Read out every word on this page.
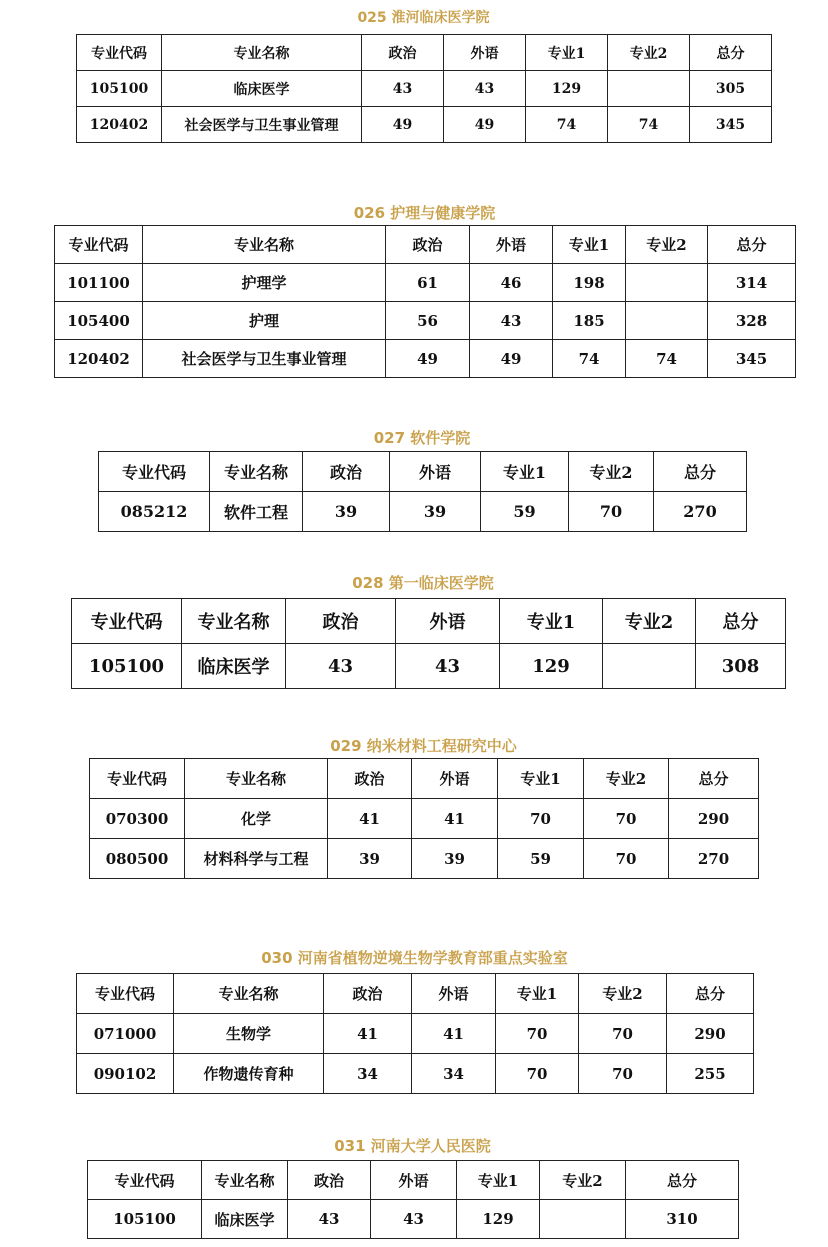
025 淮河临床医学院
专业代码	专业名称	政治	外语	专业1	专业2	总分
105100	临床医学	43	43	129		305
120402	社会医学与卫生事业管理	49	49	74	74	345
026 护理与健康学院
专业代码	专业名称	政治	外语	专业1	专业2	总分
101100	护理学	61	46	198		314
105400	护理	56	43	185		328
120402	社会医学与卫生事业管理	49	49	74	74	345
027 软件学院
专业代码	专业名称	政治	外语	专业1	专业2	总分
085212	软件工程	39	39	59	70	270
028 第一临床医学院
专业代码	专业名称	政治	外语	专业1	专业2	总分
105100	临床医学	43	43	129		308
029 纳米材料工程研究中心
专业代码	专业名称	政治	外语	专业1	专业2	总分
070300	化学	41	41	70	70	290
080500	材料科学与工程	39	39	59	70	270
030 河南省植物逆境生物学教育部重点实验室
专业代码	专业名称	政治	外语	专业1	专业2	总分
071000	生物学	41	41	70	70	290
090102	作物遗传育种	34	34	70	70	255
031 河南大学人民医院
专业代码	专业名称	政治	外语	专业1	专业2	总分
105100	临床医学	43	43	129		310
